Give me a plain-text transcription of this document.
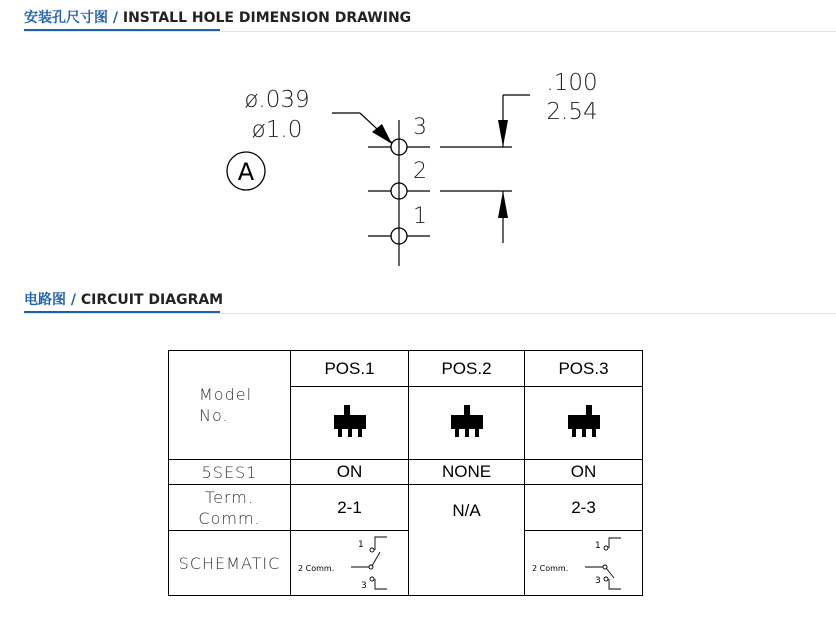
安装孔尺寸图 / INSTALL HOLE DIMENSION DRAWING
ø.039
ø1.0
A
3
2
1
.100
2.54
电路图 / CIRCUIT DIAGRAM
Model
No.	POS.1	POS.2	POS.3

5SES1	ON	NONE	ON

Term.
Comm.	2-1	N/A	2-3
SCHEMATIC	1
2 Comm.
3		1
2 Comm.
3
